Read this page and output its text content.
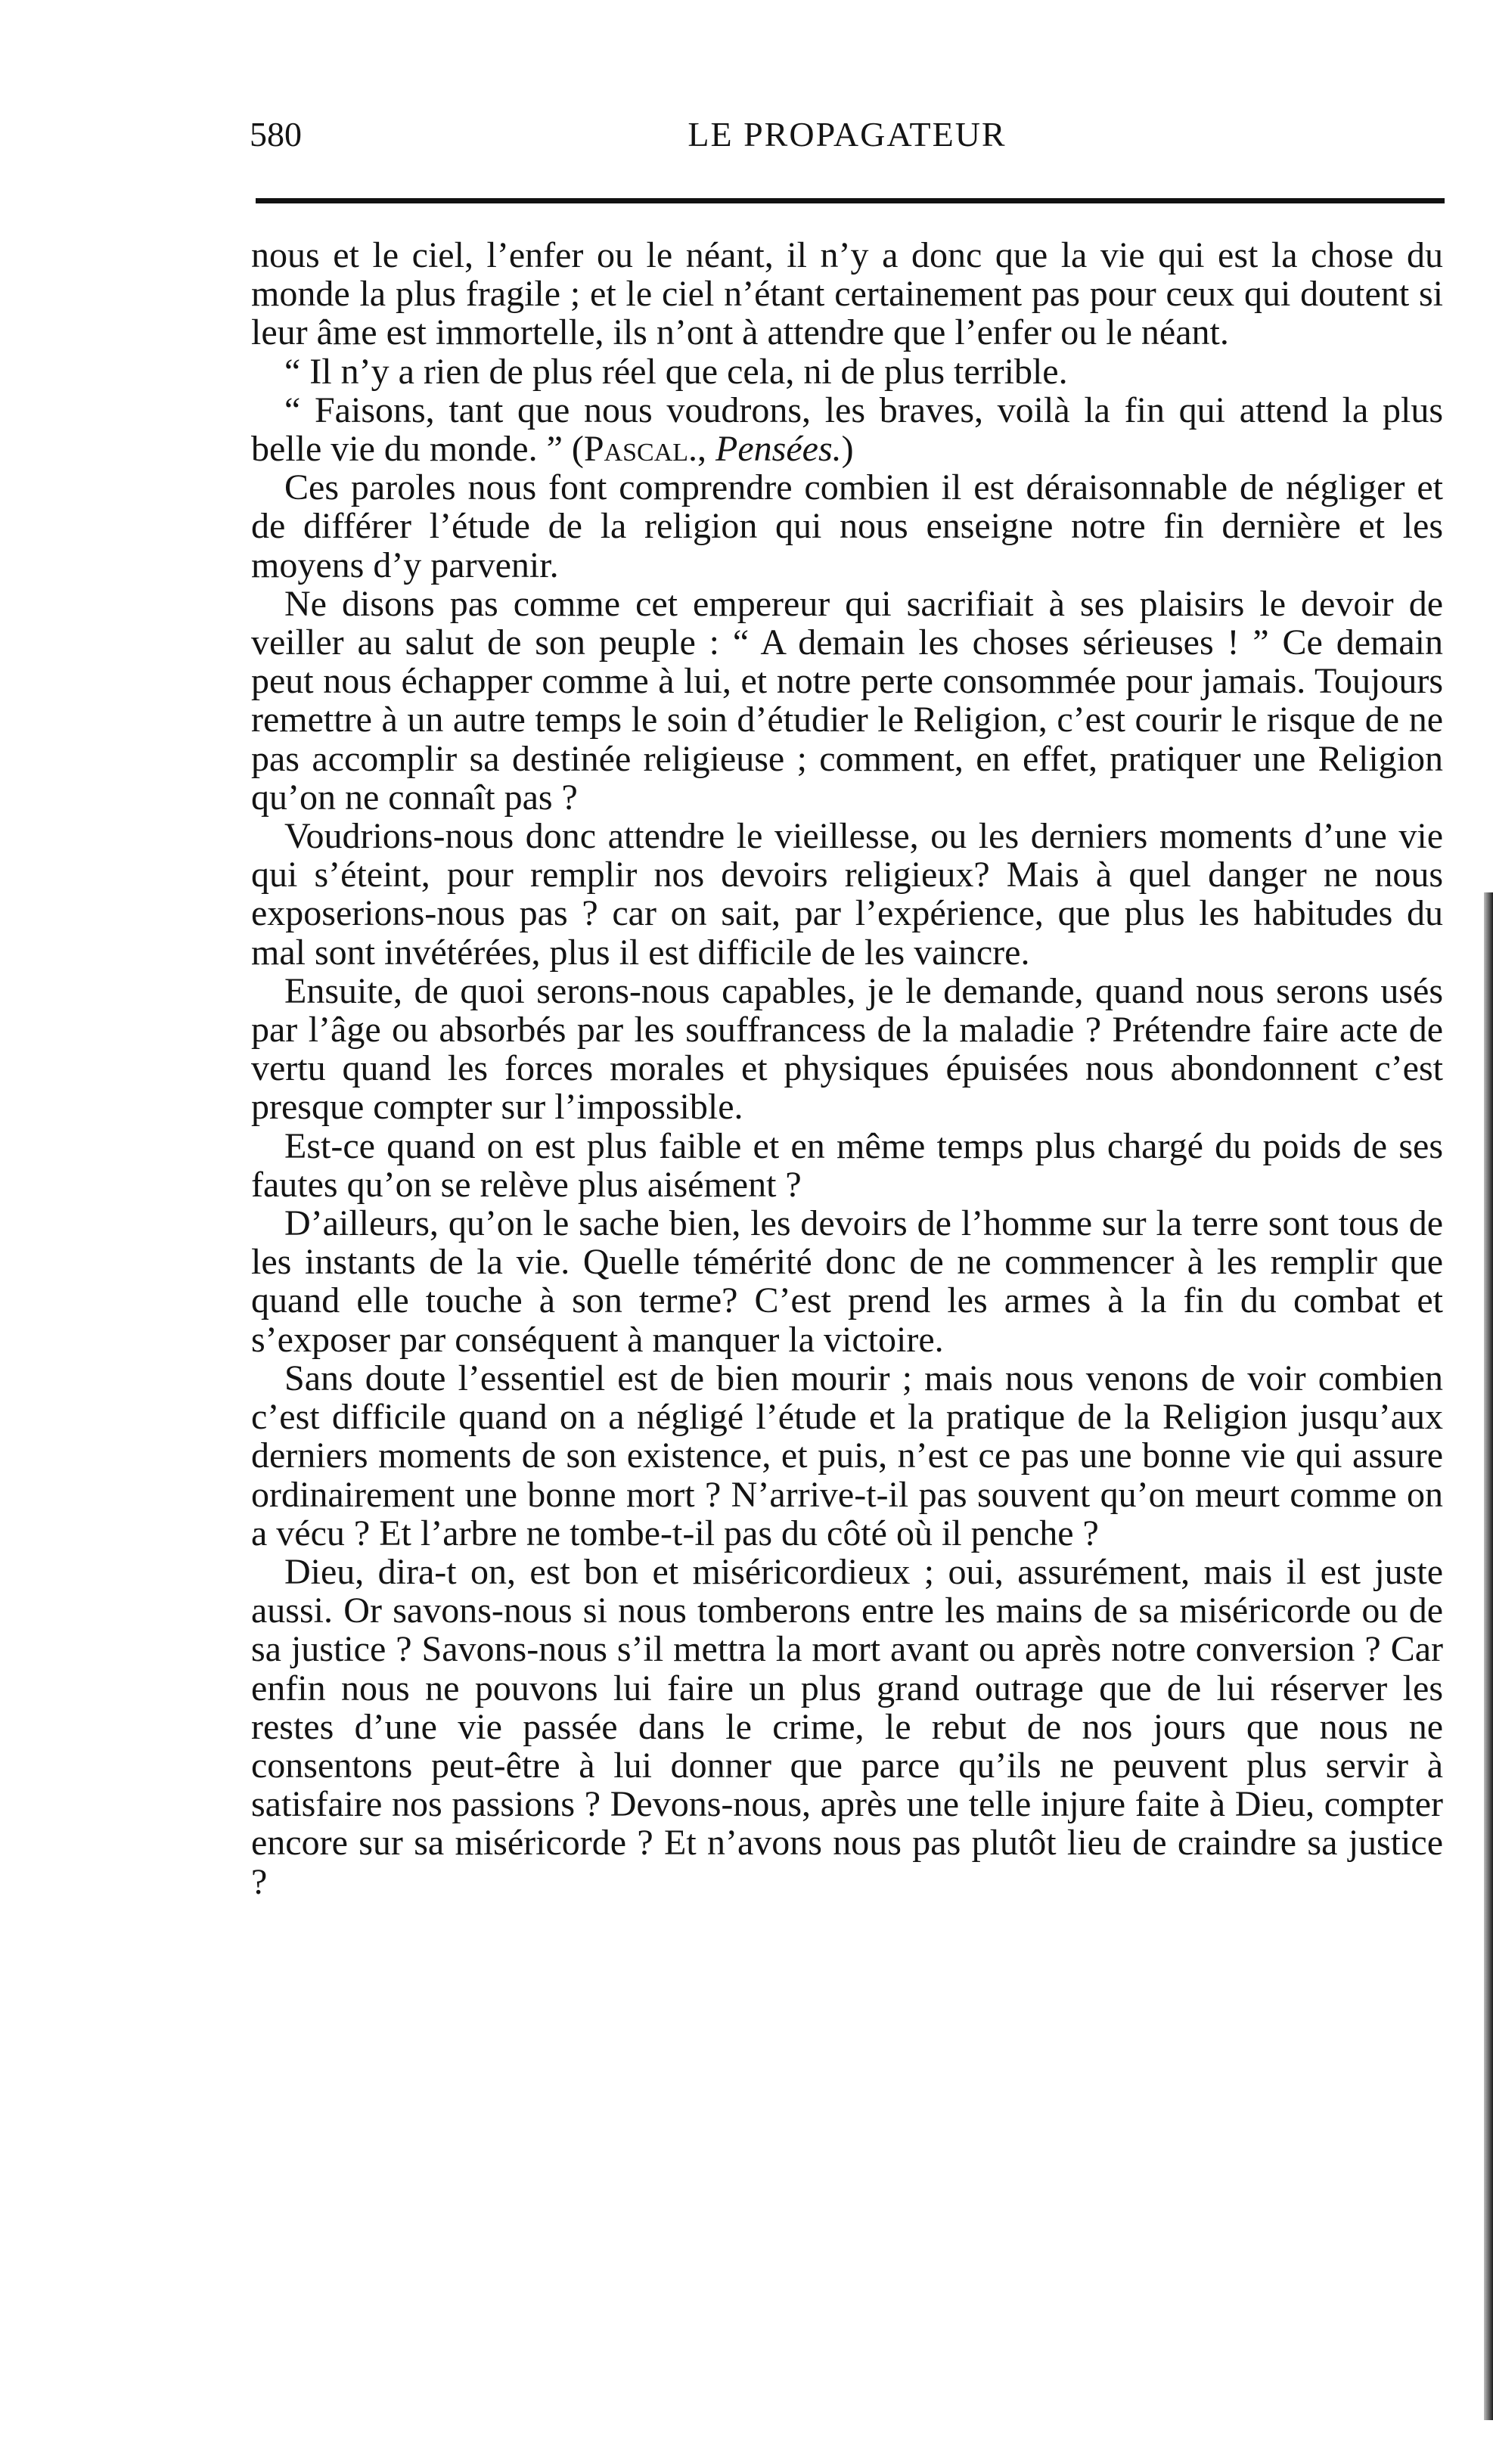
580	LE PROPAGATEUR

nous et le ciel, l’enfer ou le néant, il n’y a donc que la vie qui est la chose du monde la plus fragile ; et le ciel n’étant certainement pas pour ceux qui doutent si leur âme est immortelle, ils n’ont à attendre que l’enfer ou le néant.

“ Il n’y a rien de plus réel que cela, ni de plus terrible.

“ Faisons, tant que nous voudrons, les braves, voilà la fin qui attend la plus belle vie du monde. ” (Pascal., Pensées.)

Ces paroles nous font comprendre combien il est déraisonnable de négliger et de différer l’étude de la religion qui nous enseigne notre fin dernière et les moyens d’y parvenir.

Ne disons pas comme cet empereur qui sacrifiait à ses plaisirs le devoir de veiller au salut de son peuple : “ A demain les choses sérieuses ! ” Ce demain peut nous échapper comme à lui, et notre perte consommée pour jamais. Toujours remettre à un autre temps le soin d’étudier le Religion, c’est courir le risque de ne pas accomplir sa destinée religieuse ; comment, en effet, pratiquer une Religion qu’on ne connaît pas ?

Voudrions-nous donc attendre le vieillesse, ou les derniers moments d’une vie qui s’éteint, pour remplir nos devoirs religieux? Mais à quel danger ne nous exposerions-nous pas ? car on sait, par l’expérience, que plus les habitudes du mal sont invétérées, plus il est difficile de les vaincre.

Ensuite, de quoi serons-nous capables, je le demande, quand nous serons usés par l’âge ou absorbés par les souffrancess de la maladie ? Prétendre faire acte de vertu quand les forces morales et physiques épuisées nous abondonnent c’est presque compter sur l’impossible.

Est-ce quand on est plus faible et en même temps plus chargé du poids de ses fautes qu’on se relève plus aisément ?

D’ailleurs, qu’on le sache bien, les devoirs de l’homme sur la terre sont tous de les instants de la vie. Quelle témérité donc de ne commencer à les remplir que quand elle touche à son terme? C’est prend les armes à la fin du combat et s’exposer par conséquent à manquer la victoire.

Sans doute l’essentiel est de bien mourir ; mais nous venons de voir combien c’est difficile quand on a négligé l’étude et la pratique de la Religion jusqu’aux derniers moments de son existence, et puis, n’est ce pas une bonne vie qui assure ordinairement une bonne mort ? N’arrive-t-il pas souvent qu’on meurt comme on a vécu ? Et l’arbre ne tombe-t-il pas du côté où il penche ?

Dieu, dira-t on, est bon et miséricordieux ; oui, assurément, mais il est juste aussi. Or savons-nous si nous tomberons entre les mains de sa miséricorde ou de sa justice ? Savons-nous s’il mettra la mort avant ou après notre conversion ? Car enfin nous ne pouvons lui faire un plus grand outrage que de lui réserver les restes d’une vie passée dans le crime, le rebut de nos jours que nous ne consentons peut-être à lui donner que parce qu’ils ne peuvent plus servir à satisfaire nos passions ? Devons-nous, après une telle injure faite à Dieu, compter encore sur sa miséricorde ? Et n’avons nous pas plutôt lieu de craindre sa justice ?
